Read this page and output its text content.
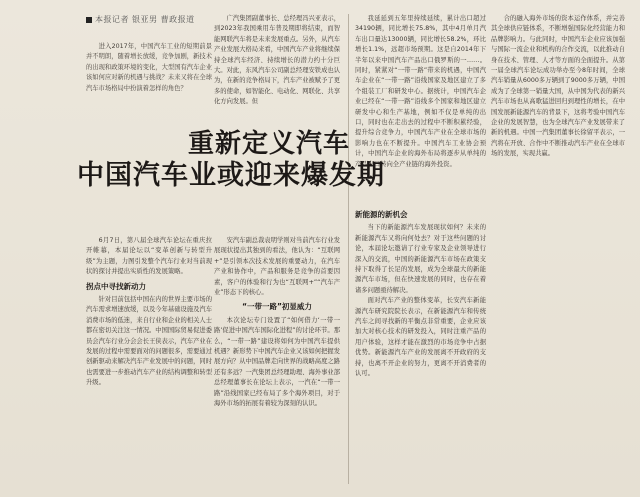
本报记者 银亚男 曹政报道

进入2017年，中国汽车工业的短期前景并不明朗，随着增长放缓，竞争加剧，新技术的出现和政策环境的变化，大型国有汽车企业该如何应对新的机遇与挑战？未来又将在全球汽车市场格局中扮演着怎样的角色？

广汽集团副董事长、总经理冯兴亚表示，到2023年我国乘用车普及期即将结束，而智能网联汽车将是未来发展重点。另外，从汽车产业发展大格局来看，中国汽车产业将继续保持全球汽车经济、持续增长的潜力约十分巨大。对此，东风汽车公司副总经理安铁成也认为，在新的竞争格局下，汽车产业被赋予了更多的使命，如智能化、电动化、网联化、共享化方向发展。但

我延延到五年里持续延续，累计出口超过34190辆，同比增长75.8%，其中4月单月汽车出口量达13000辆，同比增长58.2%，环比增长1.1%，远超市场预期。这是自2014年下半年以来中国汽车产品出口俄罗斯的一……。同时，紧紧对“一带一路”带来的机遇，中国汽车企业在“一带一路”沿线国家及地区建立了多个组装工厂和研发中心。据统计，中国汽车企业已经在“一带一路”沿线多个国家和地区建立研发中心和生产基地，例如不仅是单纯的出口，同时也在走出去的过程中不断积累经验，提升综合竞争力，中国汽车产业在全球市场的影响力也在不断提升。中国汽车工业协会预计，中国汽车企业的海外布局将逐步从单纯的产品出口转向全产业链的海外投资。

合的融入海外市场的资本运作体系，并完善其全球供应链体系，不断增强国际化经营能力和品牌影响力。与此同时，中国汽车企业应该加强与国际一流企业和机构的合作交流，以此推动自身在技术、管理、人才等方面的全面提升。从第一届全球汽车论坛成功举办至今8年时间，全球汽车销量从6000多万辆到了9000多万辆，中国成为了全球第一销量大国，从中国为代表的新兴汽车市场也从高歌猛进回归到理性的增长，在中国发展新能源汽车的背景下，这将考验中国汽车企业的发展智慧，也为全球汽车产业发展带来了新的机遇。中国一汽集团董事长徐留平表示，一汽将在开放、合作中不断推动汽车产业在全球市场的发展，实现共赢。

重新定义汽车
中国汽车业或迎来爆发期

6月7日，第八届全球汽车论坛在重庆拉开帷幕，本届论坛以“变革创新与转型升级”为主题，力图引发整个汽车行业对当前现状的探讨并提出实质性的发展策略。

拐点中寻找新动力

针对目前包括中国在内的世界主要市场的汽车需求增速放缓，以及今年基础设施及汽车消费市场的低迷，来自行业和企业的相关人士都在密切关注这一情况。中国国际贸易促进委员会汽车行业分会会长王侠表示，汽车产业在发展的过程中需要面对的问题很多，需要通过创新驱动来解决汽车产业发展中的问题，同时也需要进一步推动汽车产业的结构调整和转型升级。

安汽车副总裁袁明学则对当前汽车行业发展现状提出其独到的看法，他认为：“互联网+”是引领本次技术发展的重要动力，在汽车产业和协作中，产品和服务是竞争的首要因素，客户的体验和行为也“互联网+”“汽车产业”形态下的核心。

“一带一路”初显威力

本次论坛专门设置了“如何借力‘一带一路’促进中国汽车国际化进程”的讨论环节。那么，“一带一路”建设将如何为中国汽车提供机遇？新形势下中国汽车企业又该如何把握发展方向？从中国品牌走向世界的战略高度之路还有多远？一汽集团总经理助理、海外事业部总经理董事长在论坛上表示，一汽在“一带一路”沿线国家已经布局了多个海外项目，对于海外市场的拓展有着较为深刻的认识。

新能源的新机会

当下的新能源汽车发展现状如何？未来的新能源汽车又将向何处去？对于这些问题的讨论，本届论坛邀请了行业专家及企业领导进行深入的交流，中国的新能源汽车市场在政策支持下取得了长足的发展，成为全球最大的新能源汽车市场，但在快速发展的同时，也存在着诸多问题亟待解决。

面对汽车产业的整体变革，长安汽车新能源汽车研究院院长表示，在新能源汽车和传统汽车之间寻找新的平衡点非常重要，企业应该加大对核心技术的研发投入，同时注重产品的用户体验，这样才能在激烈的市场竞争中占据优势。新能源汽车产业的发展离不开政府的支持，也离不开企业的努力，更离不开消费者的认可。
